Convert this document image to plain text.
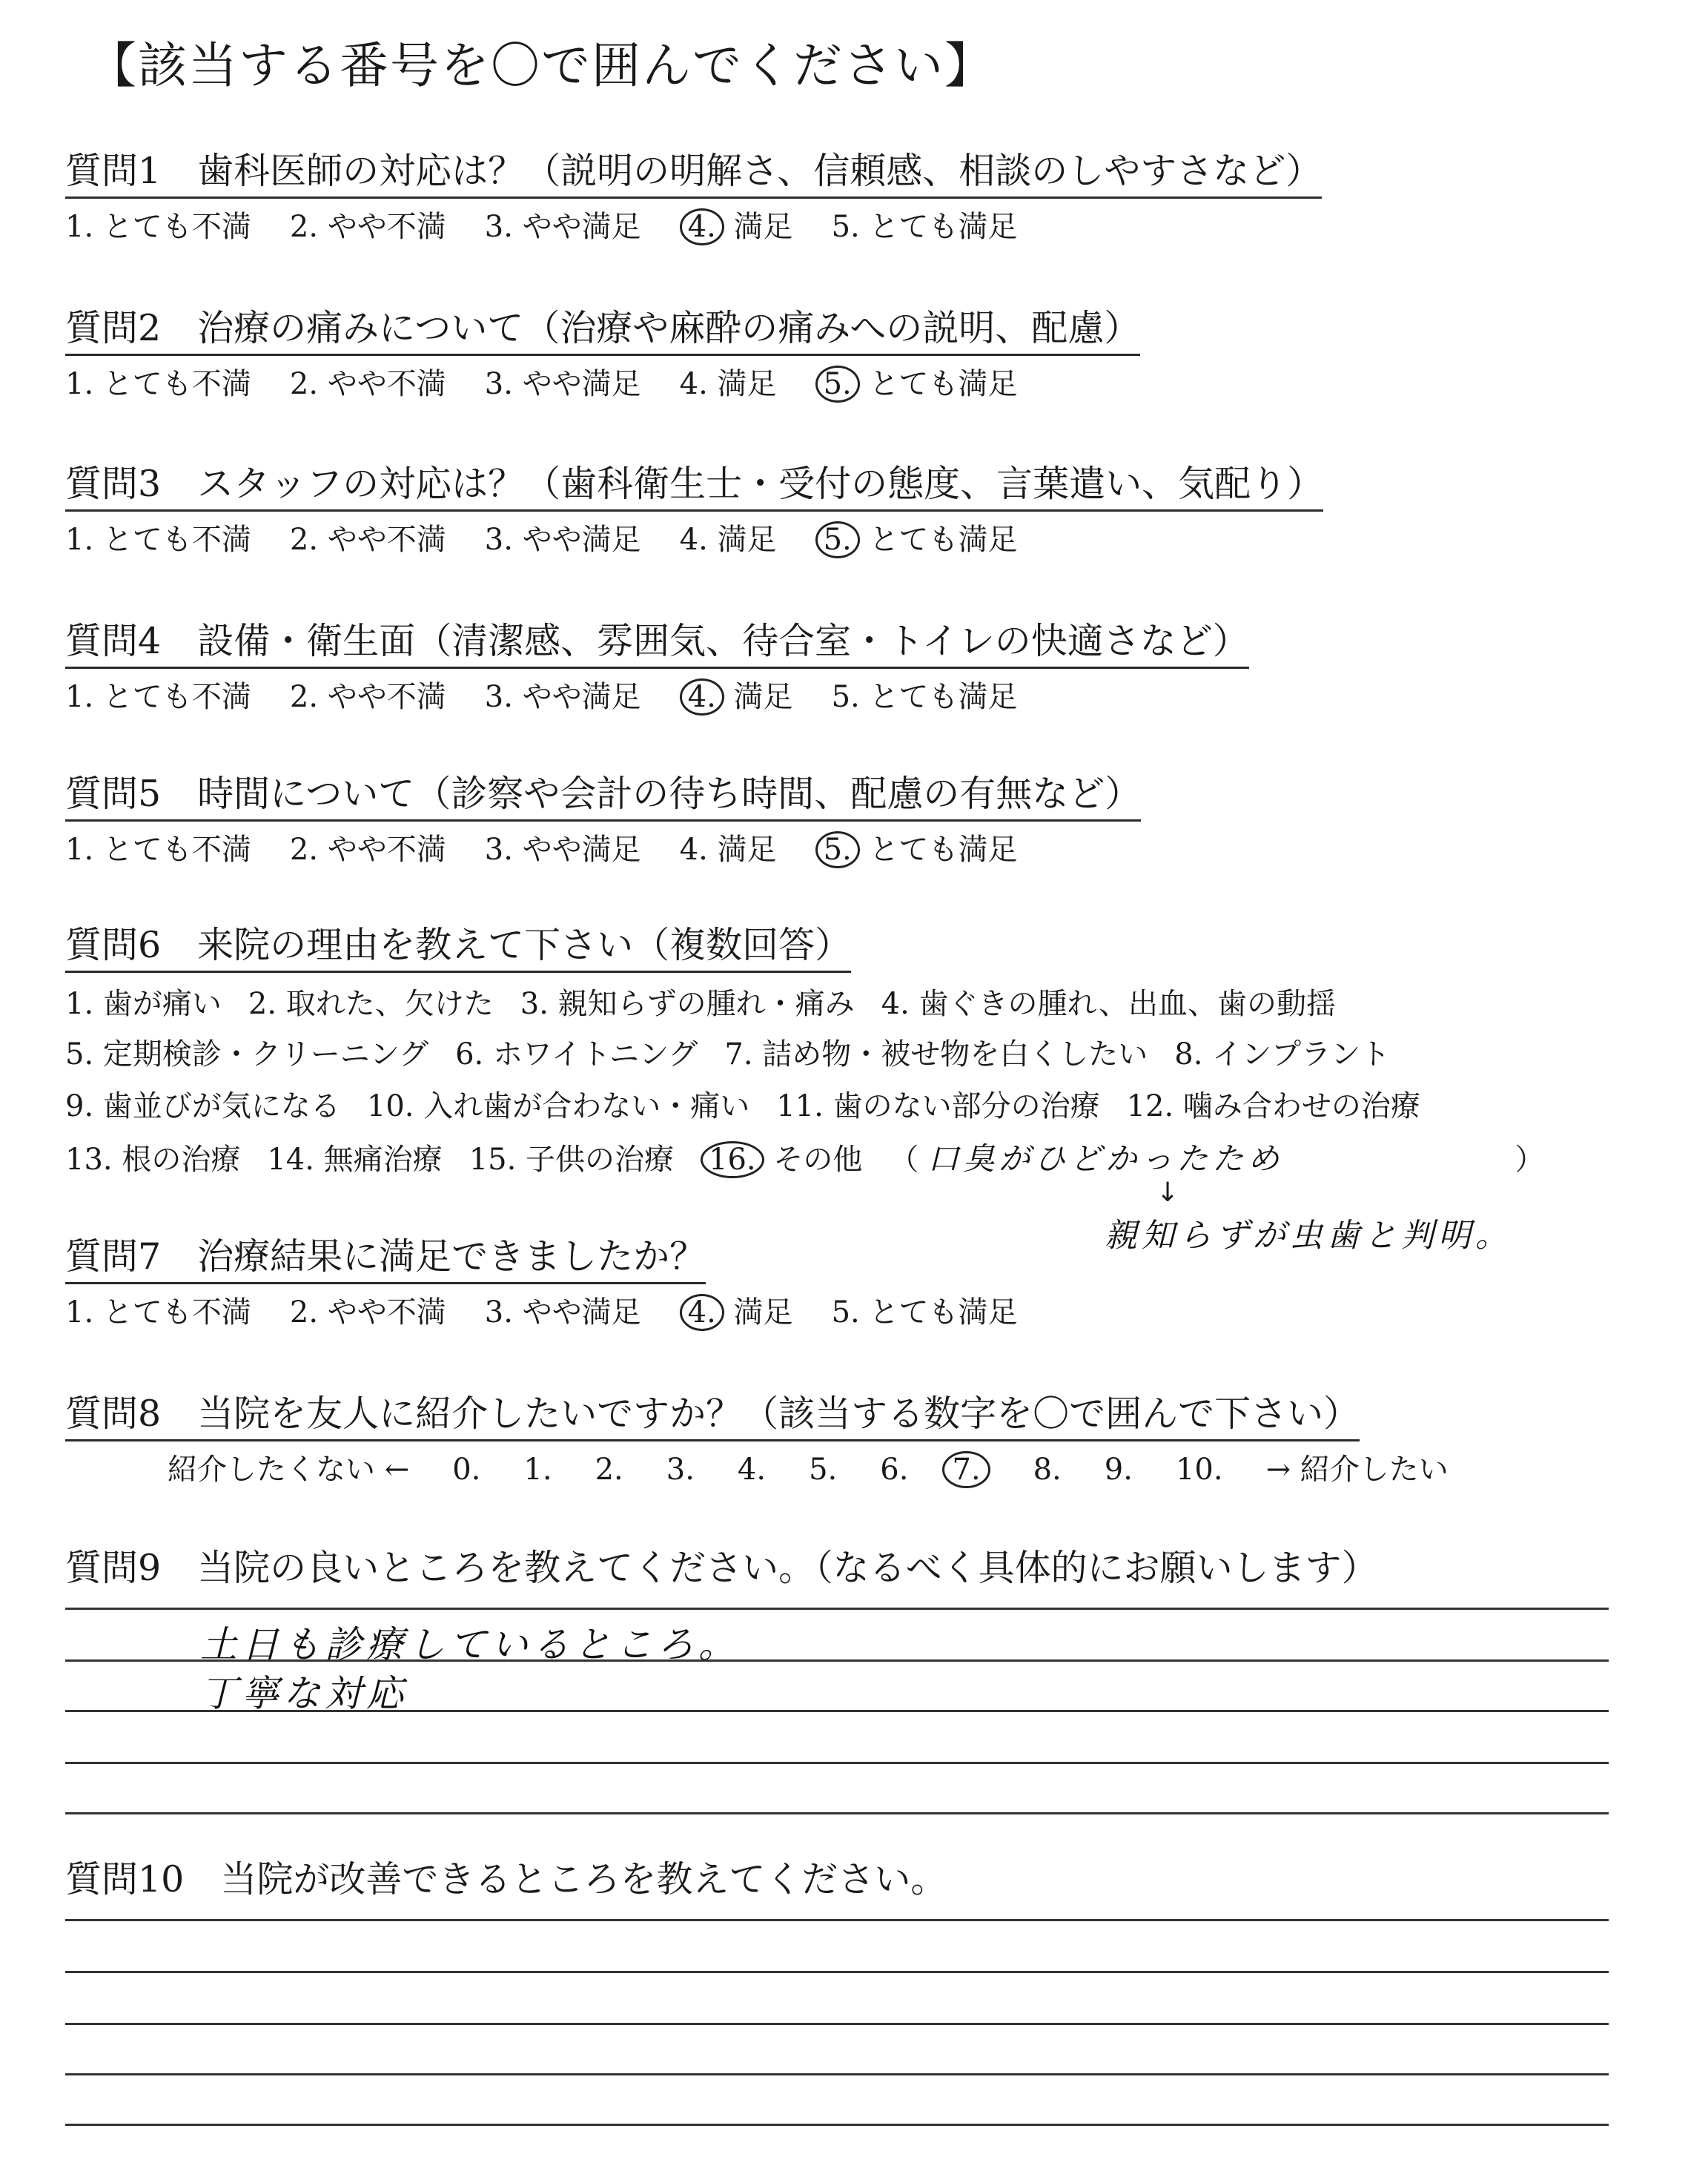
【該当する番号を〇で囲んでください】
質問1　歯科医師の対応は？（説明の明解さ、信頼感、相談のしやすさなど）
1. とても不満 2. やや不満 3. やや満足 4. 満足 5. とても満足
質問2　治療の痛みについて（治療や麻酔の痛みへの説明、配慮）
1. とても不満 2. やや不満 3. やや満足 4. 満足 5. とても満足
質問3　スタッフの対応は？（歯科衛生士・受付の態度、言葉遣い、気配り）
1. とても不満 2. やや不満 3. やや満足 4. 満足 5. とても満足
質問4　設備・衛生面（清潔感、雰囲気、待合室・トイレの快適さなど）
1. とても不満 2. やや不満 3. やや満足 4. 満足 5. とても満足
質問5　時間について（診察や会計の待ち時間、配慮の有無など）
1. とても不満 2. やや不満 3. やや満足 4. 満足 5. とても満足
質問6　来院の理由を教えて下さい（複数回答）
1. 歯が痛い 2. 取れた、欠けた 3. 親知らずの腫れ・痛み 4. 歯ぐきの腫れ、出血、歯の動揺
5. 定期検診・クリーニング 6. ホワイトニング 7. 詰め物・被せ物を白くしたい 8. インプラント
9. 歯並びが気になる 10. 入れ歯が合わない・痛い 11. 歯のない部分の治療 12. 噛み合わせの治療
13. 根の治療 14. 無痛治療 15. 子供の治療 16. その他 （ 口臭がひどかったため	）
↓
親知らずが虫歯と判明。
質問7　治療結果に満足できましたか？
1. とても不満 2. やや不満 3. やや満足 4. 満足 5. とても満足
質問8　当院を友人に紹介したいですか？（該当する数字を〇で囲んで下さい）
紹介したくない ← 0. 1. 2. 3. 4. 5. 6. 7. 8. 9. 10. → 紹介したい
質問9　当院の良いところを教えてください。（なるべく具体的にお願いします）
土日も診療しているところ。
丁寧な対応
質問10　当院が改善できるところを教えてください。
